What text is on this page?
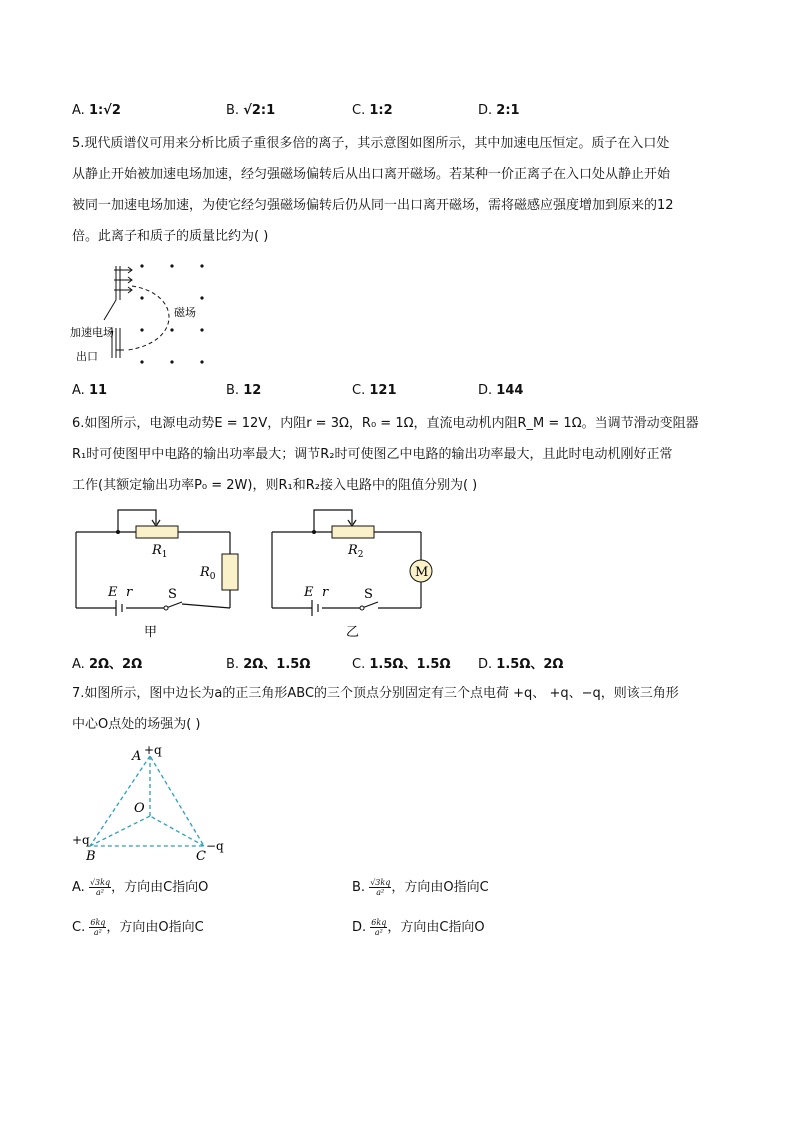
A. 1:√2	B. √2:1	C. 1:2	D. 2:1
5.现代质谱仪可用来分析比质子重很多倍的离子，其示意图如图所示，其中加速电压恒定。质子在入口处
从静止开始被加速电场加速，经匀强磁场偏转后从出口离开磁场。若某种一价正离子在入口处从静止开始
被同一加速电场加速，为使它经匀强磁场偏转后仍从同一出口离开磁场，需将磁感应强度增加到原来的12
倍。此离子和质子的质量比约为( )
磁场
加速电场
出口
A. 11	B. 12	C. 121	D. 144
6.如图所示，电源电动势E = 12V，内阻r = 3Ω，R₀ = 1Ω，直流电动机内阻R_M = 1Ω。当调节滑动变阻器
R₁时可使图甲中电路的输出功率最大；调节R₂时可使图乙中电路的输出功率最大，且此时电动机刚好正常
工作(其额定输出功率P₀ = 2W)，则R₁和R₂接入电路中的阻值分别为( )
$R_1$
$R_0$
E r	S
甲
M
$R_2$
E r	S
乙
A. 2Ω、2Ω	B. 2Ω、1.5Ω	C. 1.5Ω、1.5Ω D. 1.5Ω、2Ω
7.如图所示，图中边长为a的正三角形ABC的三个顶点分别固定有三个点电荷 +q、 +q、−q，则该三角形
中心O点处的场强为( )
A +q
O
+q
B	C
−q
A. $\frac{√3kq}{\text{a²}}$ ，方向由C指向O	B. $\frac{√3kq}{\text{a²}}$ ，方向由O指向C
C. $\frac{6kq}{\text{a²}}$ ，方向由O指向C	D. $\frac{6kq}{\text{a²}}$ ，方向由C指向O
